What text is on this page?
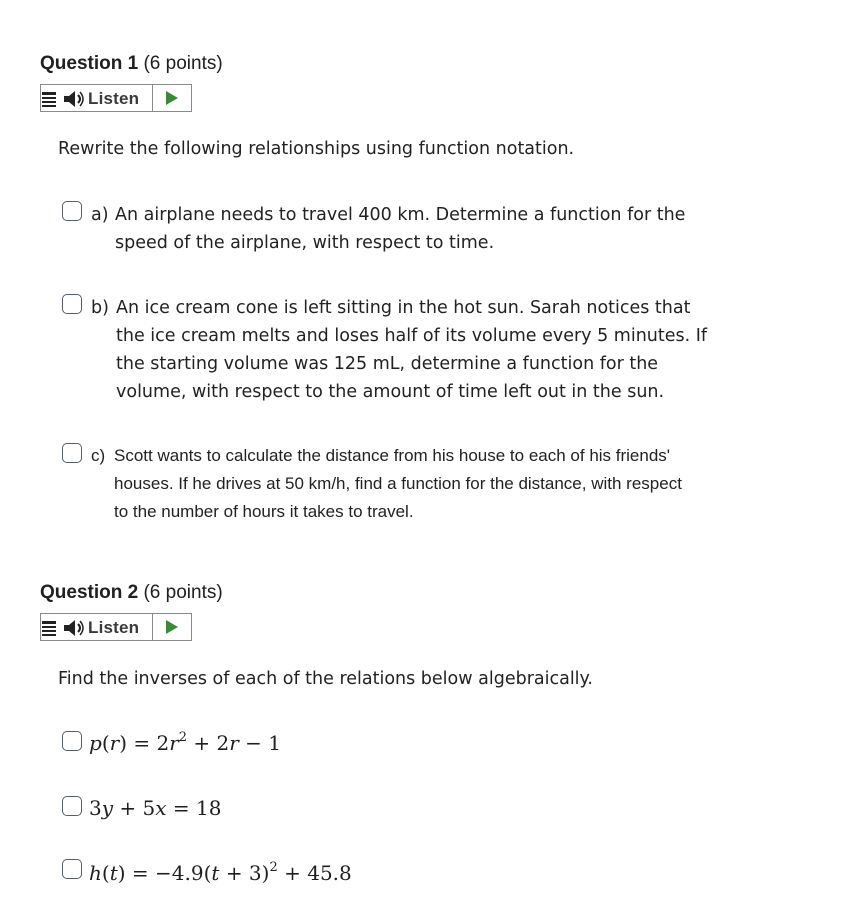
Question 1 (6 points)
Listen
Rewrite the following relationships using function notation.
a) An airplane needs to travel 400 km. Determine a function for the
speed of the airplane, with respect to time.
b) An ice cream cone is left sitting in the hot sun. Sarah notices that
the ice cream melts and loses half of its volume every 5 minutes. If
the starting volume was 125 mL, determine a function for the
volume, with respect to the amount of time left out in the sun.
c) Scott wants to calculate the distance from his house to each of his friends'
houses. If he drives at 50 km/h, find a function for the distance, with respect
to the number of hours it takes to travel.
Question 2 (6 points)
Listen
Find the inverses of each of the relations below algebraically.
$p(r) = 2r^2 + 2r - 1$
3y + 5x = 18
$h(t) = -4.9(t + 3)^2 + 45.8$
